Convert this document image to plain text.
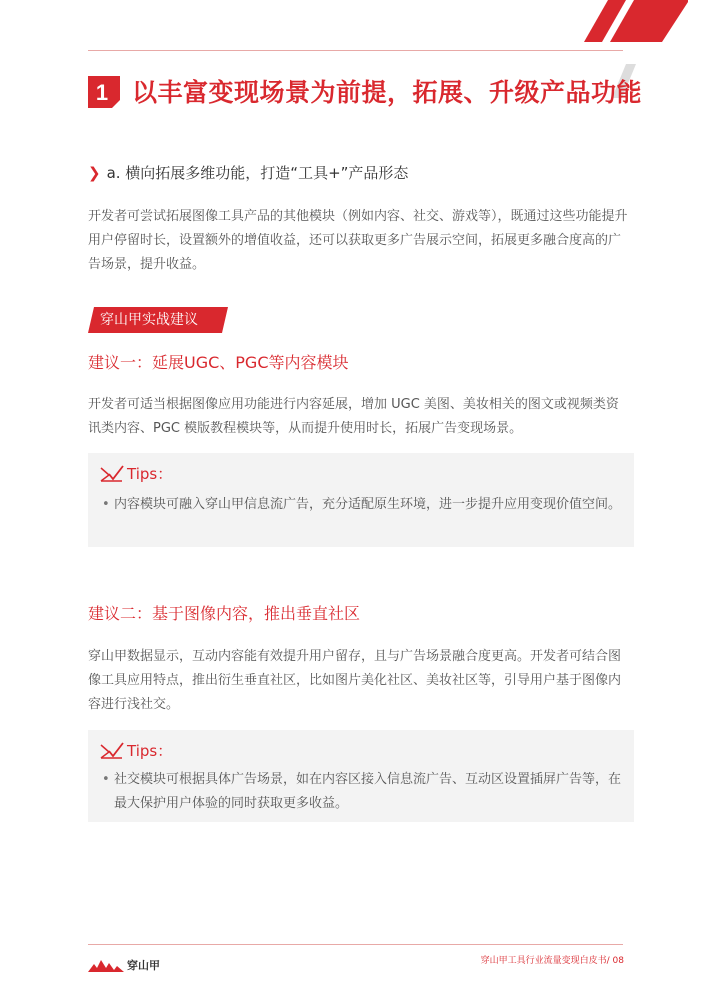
1 以丰富变现场景为前提，拓展、升级产品功能
❯ a. 横向拓展多维功能，打造“工具+”产品形态
开发者可尝试拓展图像工具产品的其他模块（例如内容、社交、游戏等），既通过这些功能提升用户停留时长，设置额外的增值收益，还可以获取更多广告展示空间，拓展更多融合度高的广告场景，提升收益。
穿山甲实战建议
建议一：延展UGC、PGC等内容模块
开发者可适当根据图像应用功能进行内容延展，增加 UGC 美图、美妆相关的图文或视频类资讯类内容、PGC 模版教程模块等，从而提升使用时长，拓展广告变现场景。
Tips：
• 内容模块可融入穿山甲信息流广告，充分适配原生环境，进一步提升应用变现价值空间。
建议二：基于图像内容，推出垂直社区
穿山甲数据显示，互动内容能有效提升用户留存，且与广告场景融合度更高。开发者可结合图像工具应用特点，推出衍生垂直社区，比如图片美化社区、美妆社区等，引导用户基于图像内容进行浅社交。
Tips：
• 社交模块可根据具体广告场景，如在内容区接入信息流广告、互动区设置插屏广告等，在最大保护用户体验的同时获取更多收益。
穿山甲	穿山甲工具行业流量变现白皮书/ 08
